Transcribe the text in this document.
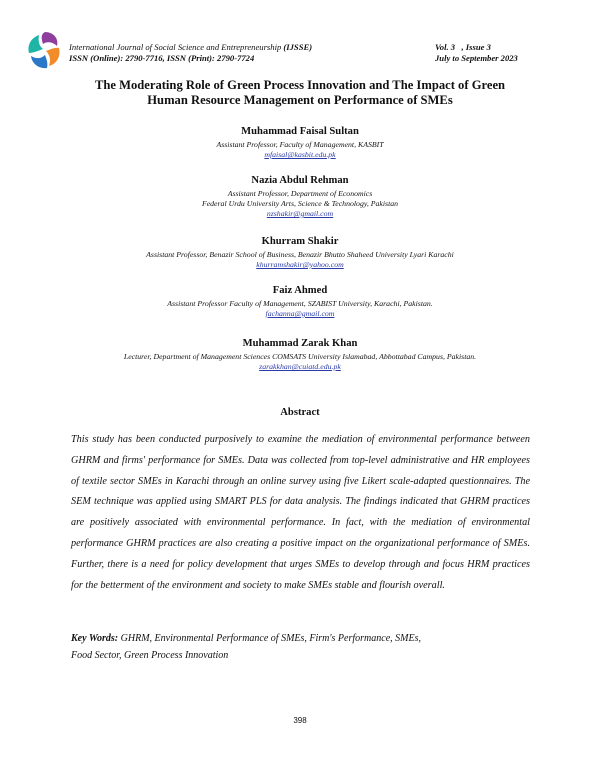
International Journal of Social Science and Entrepreneurship (IJSSE)
ISSN (Online): 2790-7716, ISSN (Print): 2790-7724
Vol. 3   , Issue 3
July to September 2023
The Moderating Role of Green Process Innovation and The Impact of Green
Human Resource Management on Performance of SMEs
Muhammad Faisal Sultan
Assistant Professor, Faculty of Management, KASBIT
mfaisal@kasbit.edu.pk
Nazia Abdul Rehman
Assistant Professor, Department of Economics
Federal Urdu University Arts, Science & Technology, Pakistan
nzshakir@gmail.com
Khurram Shakir
Assistant Professor, Benazir School of Business, Benazir Bhutto Shaheed University Lyari Karachi
khurramshakir@yahoo.com
Faiz Ahmed
Assistant Professor Faculty of Management, SZABIST University, Karachi, Pakistan.
fachanna@gmail.com
Muhammad Zarak Khan
Lecturer, Department of Management Sciences COMSATS University Islamabad, Abbottabad Campus, Pakistan.
zarakkhan@cuiatd.edu.pk
Abstract
This study has been conducted purposively to examine the mediation of environmental performance between GHRM and firms' performance for SMEs. Data was collected from top-level administrative and HR employees of textile sector SMEs in Karachi through an online survey using five Likert scale-adapted questionnaires. The SEM technique was applied using SMART PLS for data analysis. The findings indicated that GHRM practices are positively associated with environmental performance. In fact, with the mediation of environmental performance GHRM practices are also creating a positive impact on the organizational performance of SMEs. Further, there is a need for policy development that urges SMEs to develop through and focus HRM practices for the betterment of the environment and society to make SMEs stable and flourish overall.
Key Words: GHRM, Environmental Performance of SMEs, Firm's Performance, SMEs,
Food Sector, Green Process Innovation
398
